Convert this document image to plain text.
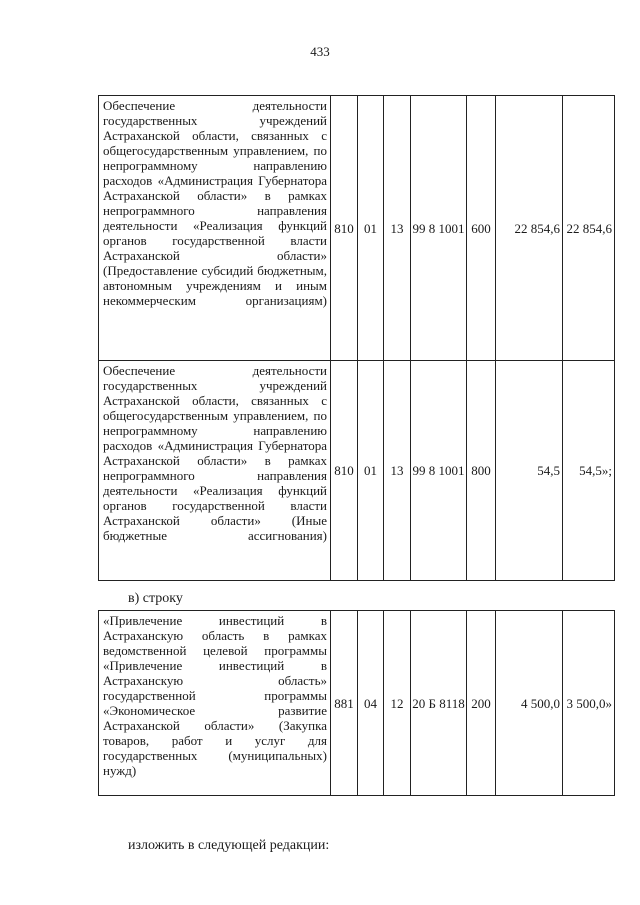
433
Обеспечение деятельности государственных учреждений Астраханской области, связанных с общегосударственным управлением, по непрограммному направлению расходов «Администрация Губернатора Астраханской области» в рамках непрограммного направления деятельности «Реализация функций органов государственной власти Астраханской области» (Предоставление субсидий бюджетным, автономным учреждениям и иным некоммерческим организациям)	810	01	13	99 8 1001	600	22 854,6	22 854,6
Обеспечение деятельности государственных учреждений Астраханской области, связанных с общегосударственным управлением, по непрограммному направлению расходов «Администрация Губернатора Астраханской области» в рамках непрограммного направления деятельности «Реализация функций органов государственной власти Астраханской области» (Иные бюджетные ассигнования)	810	01	13	99 8 1001	800	54,5	54,5»;
в) строку
«Привлечение инвестиций в Астраханскую область в рамках ведомственной целевой программы «Привлечение инвестиций в Астраханскую область» государственной программы «Экономическое развитие Астраханской области» (Закупка товаров, работ и услуг для государственных (муниципальных) нужд)	881	04	12	20 Б 8118	200	4 500,0	3 500,0»
изложить в следующей редакции:
